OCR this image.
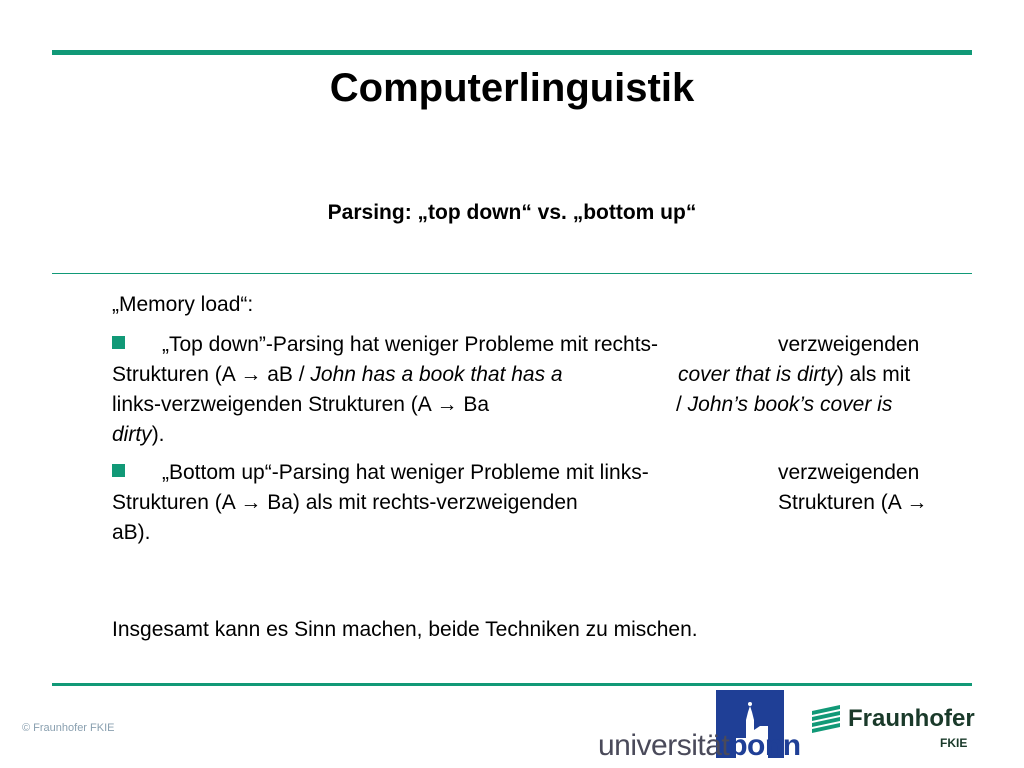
Computerlinguistik
Parsing: „top down“ vs. „bottom up“
„Memory load“:
„Top down”-Parsing hat weniger Probleme mit rechts-	verzweigenden
Strukturen (A → aB / John has a book that has a	cover that is dirty) als mit
links-verzweigenden Strukturen (A → Ba	/ John’s book’s cover is
dirty).
„Bottom up“-Parsing hat weniger Probleme mit links-	verzweigenden
Strukturen (A → Ba) als mit rechts-verzweigenden	Strukturen (A →
aB).
Insgesamt kann es Sinn machen, beide Techniken zu mischen.
© Fraunhofer FKIE
universitätbonn
Fraunhofer
FKIE
